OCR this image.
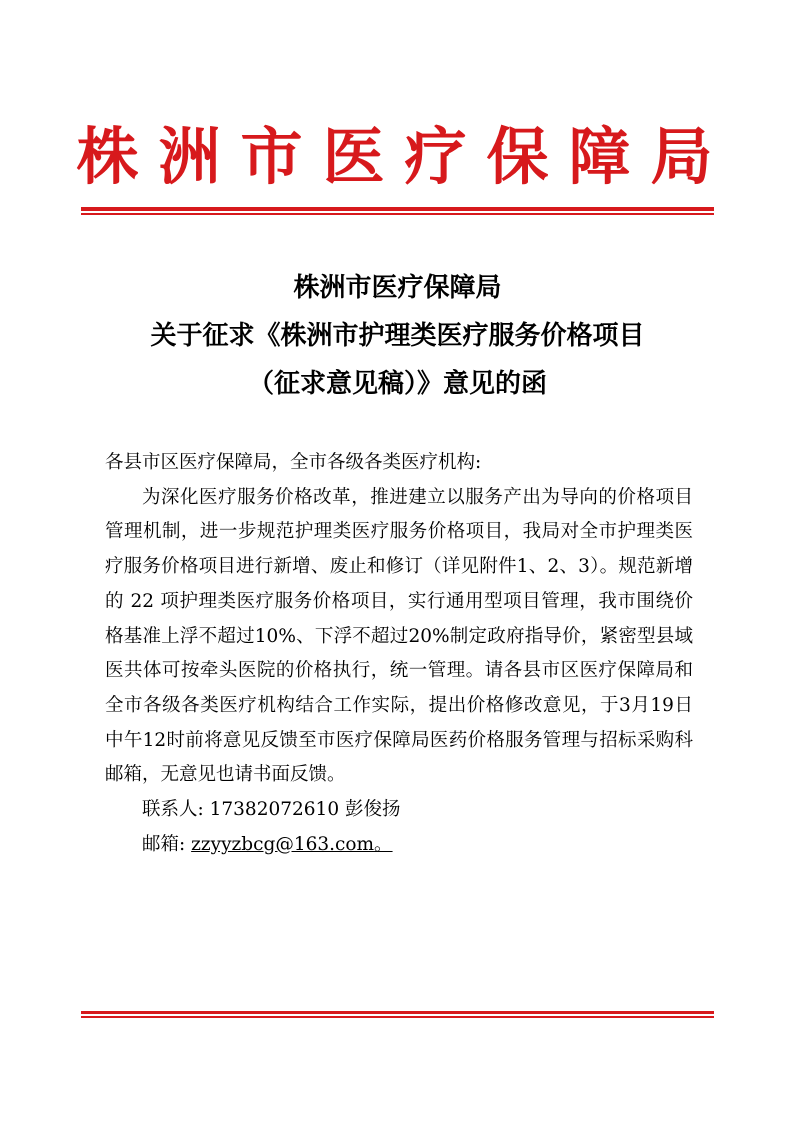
株洲市医疗保障局
株洲市医疗保障局
关于征求《株洲市护理类医疗服务价格项目
（征求意见稿）》意见的函
各县市区医疗保障局，全市各级各类医疗机构:
为深化医疗服务价格改革，推进建立以服务产出为导向的价格项目管理机制，进一步规范护理类医疗服务价格项目，我局对全市护理类医疗服务价格项目进行新增、废止和修订（详见附件1、2、3）。规范新增的 22 项护理类医疗服务价格项目，实行通用型项目管理，我市围绕价格基准上浮不超过10%、下浮不超过20%制定政府指导价，紧密型县域医共体可按牵头医院的价格执行，统一管理。请各县市区医疗保障局和全市各级各类医疗机构结合工作实际，提出价格修改意见，于3月19日中午12时前将意见反馈至市医疗保障局医药价格服务管理与招标采购科邮箱，无意见也请书面反馈。
联系人: 17382072610 彭俊扬
邮箱: zzyyzbcg@163.com。
